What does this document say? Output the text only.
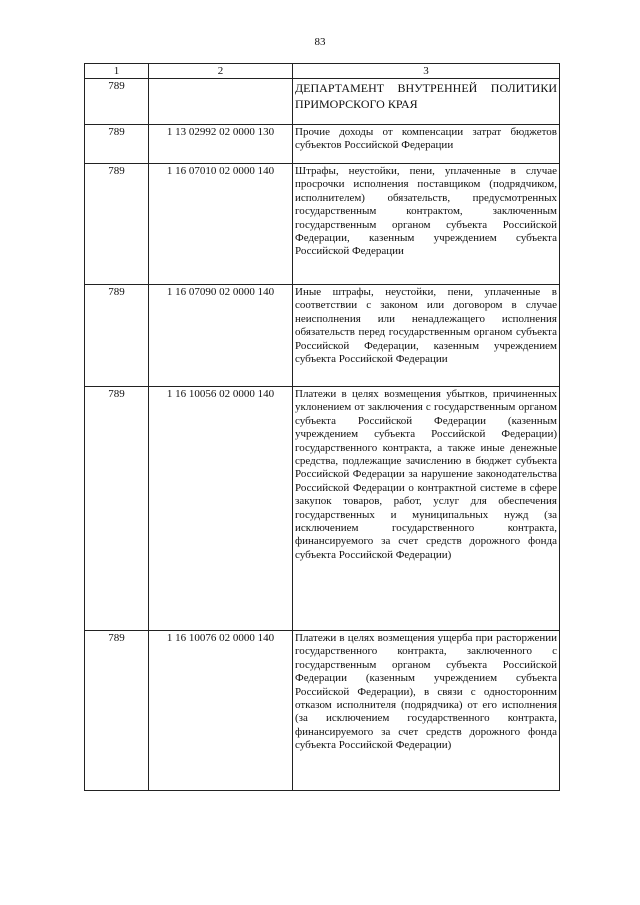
83
1	2	3
789		ДЕПАРТАМЕНТ ВНУТРЕННЕЙ ПОЛИТИКИ ПРИМОРСКОГО КРАЯ
789	1 13 02992 02 0000 130	Прочие доходы от компенсации затрат бюджетов субъектов Российской Федерации
789	1 16 07010 02 0000 140	Штрафы, неустойки, пени, уплаченные в случае просрочки исполнения поставщиком (подрядчиком, исполнителем) обязательств, предусмотренных государственным контрактом, заключенным государственным органом субъекта Российской Федерации, казенным учреждением субъекта Российской Федерации
789	1 16 07090 02 0000 140	Иные штрафы, неустойки, пени, уплаченные в соответствии с законом или договором в случае неисполнения или ненадлежащего исполнения обязательств перед государственным органом субъекта Российской Федерации, казенным учреждением субъекта Российской Федерации
789	1 16 10056 02 0000 140	Платежи в целях возмещения убытков, причиненных уклонением от заключения с государственным органом субъекта Российской Федерации (казенным учреждением субъекта Российской Федерации) государственного контракта, а также иные денежные средства, подлежащие зачислению в бюджет субъекта Российской Федерации за нарушение законодательства Российской Федерации о контрактной системе в сфере закупок товаров, работ, услуг для обеспечения государственных и муниципальных нужд (за исключением государственного контракта, финансируемого за счет средств дорожного фонда субъекта Российской Федерации)
789	1 16 10076 02 0000 140	Платежи в целях возмещения ущерба при расторжении государственного контракта, заключенного с государственным органом субъекта Российской Федерации (казенным учреждением субъекта Российской Федерации), в связи с односторонним отказом исполнителя (подрядчика) от его исполнения (за исключением государственного контракта, финансируемого за счет средств дорожного фонда субъекта Российской Федерации)
